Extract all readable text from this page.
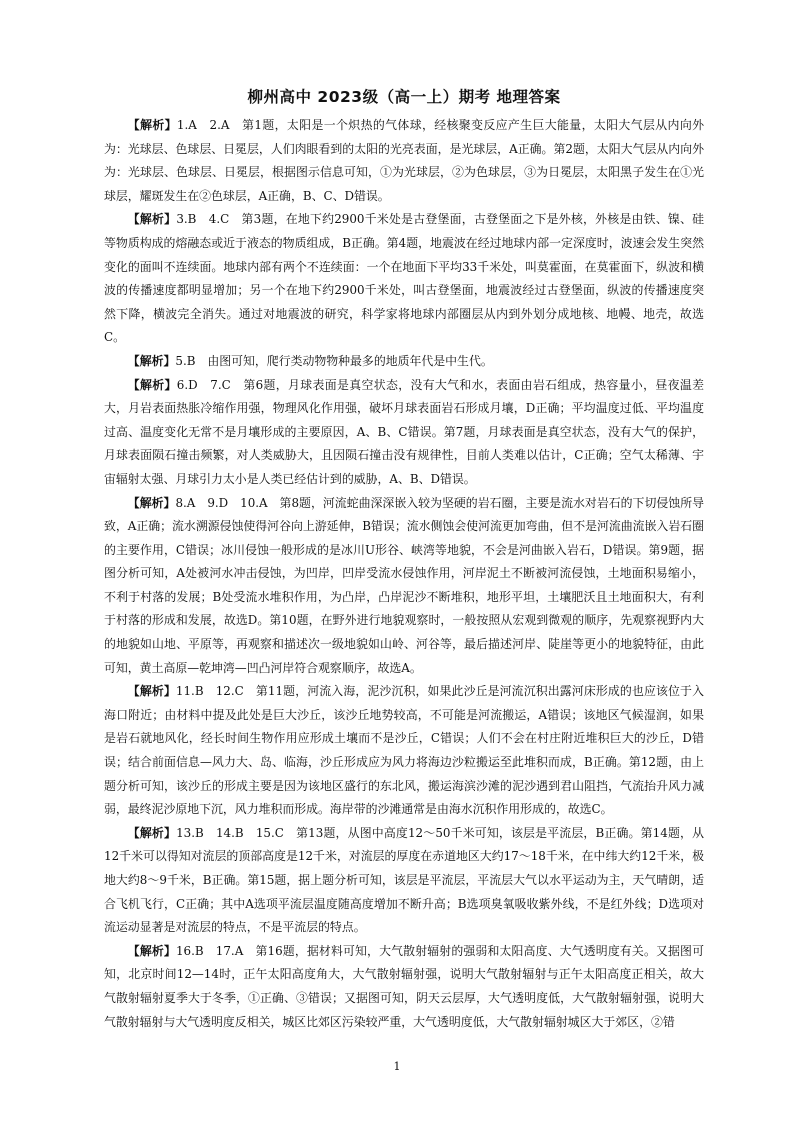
柳州高中 2023级（高一上）期考 地理答案

【解析】1.A　2.A　第1题，太阳是一个炽热的气体球，经核聚变反应产生巨大能量，太阳大气层从内向外为：光球层、色球层、日冕层，人们肉眼看到的太阳的光亮表面，是光球层，A正确。第2题，太阳大气层从内向外为：光球层、色球层、日冕层，根据图示信息可知，①为光球层，②为色球层，③为日冕层，太阳黑子发生在①光球层，耀斑发生在②色球层，A正确，B、C、D错误。

【解析】3.B　4.C　第3题，在地下约2900千米处是古登堡面，古登堡面之下是外核，外核是由铁、镍、硅等物质构成的熔融态或近于液态的物质组成，B正确。第4题，地震波在经过地球内部一定深度时，波速会发生突然变化的面叫不连续面。地球内部有两个不连续面：一个在地面下平均33千米处，叫莫霍面，在莫霍面下，纵波和横波的传播速度都明显增加；另一个在地下约2900千米处，叫古登堡面，地震波经过古登堡面，纵波的传播速度突然下降，横波完全消失。通过对地震波的研究，科学家将地球内部圈层从内到外划分成地核、地幔、地壳，故选C。

【解析】5.B　由图可知，爬行类动物物种最多的地质年代是中生代。

【解析】6.D　7.C　第6题，月球表面是真空状态，没有大气和水，表面由岩石组成，热容量小，昼夜温差大，月岩表面热胀冷缩作用强，物理风化作用强，破坏月球表面岩石形成月壤，D正确；平均温度过低、平均温度过高、温度变化无常不是月壤形成的主要原因，A、B、C错误。第7题，月球表面是真空状态，没有大气的保护，月球表面陨石撞击频繁，对人类威胁大，且因陨石撞击没有规律性，目前人类难以估计，C正确；空气太稀薄、宇宙辐射太强、月球引力太小是人类已经估计到的威胁，A、B、D错误。

【解析】8.A　9.D　10.A　第8题，河流蛇曲深深嵌入较为坚硬的岩石圈，主要是流水对岩石的下切侵蚀所导致，A正确；流水溯源侵蚀使得河谷向上游延伸，B错误；流水侧蚀会使河流更加弯曲，但不是河流曲流嵌入岩石圈的主要作用，C错误；冰川侵蚀一般形成的是冰川U形谷、峡湾等地貌，不会是河曲嵌入岩石，D错误。第9题，据图分析可知，A处被河水冲击侵蚀，为凹岸，凹岸受流水侵蚀作用，河岸泥土不断被河流侵蚀，土地面积易缩小，不利于村落的发展；B处受流水堆积作用，为凸岸，凸岸泥沙不断堆积，地形平坦，土壤肥沃且土地面积大，有利于村落的形成和发展，故选D。第10题，在野外进行地貌观察时，一般按照从宏观到微观的顺序，先观察视野内大的地貌如山地、平原等，再观察和描述次一级地貌如山岭、河谷等，最后描述河岸、陡崖等更小的地貌特征，由此可知，黄土高原—乾坤湾—凹凸河岸符合观察顺序，故选A。

【解析】11.B　12.C　第11题，河流入海，泥沙沉积，如果此沙丘是河流沉积出露河床形成的也应该位于入海口附近；由材料中提及此处是巨大沙丘，该沙丘地势较高，不可能是河流搬运，A错误；该地区气候湿润，如果是岩石就地风化，经长时间生物作用应形成土壤而不是沙丘，C错误；人们不会在村庄附近堆积巨大的沙丘，D错误；结合前面信息—风力大、岛、临海，沙丘形成应为风力将海边沙粒搬运至此堆积而成，B正确。第12题，由上题分析可知，该沙丘的形成主要是因为该地区盛行的东北风，搬运海滨沙滩的泥沙遇到君山阻挡，气流抬升风力减弱，最终泥沙原地下沉，风力堆积而形成。海岸带的沙滩通常是由海水沉积作用形成的，故选C。

【解析】13.B　14.B　15.C　第13题，从图中高度12～50千米可知，该层是平流层，B正确。第14题，从12千米可以得知对流层的顶部高度是12千米，对流层的厚度在赤道地区大约17～18千米，在中纬大约12千米，极地大约8～9千米，B正确。第15题，据上题分析可知，该层是平流层，平流层大气以水平运动为主，天气晴朗，适合飞机飞行，C正确；其中A选项平流层温度随高度增加不断升高；B选项臭氧吸收紫外线，不是红外线；D选项对流运动显著是对流层的特点，不是平流层的特点。

【解析】16.B　17.A　第16题，据材料可知，大气散射辐射的强弱和太阳高度、大气透明度有关。又据图可知，北京时间12—14时，正午太阳高度角大，大气散射辐射强，说明大气散射辐射与正午太阳高度正相关，故大气散射辐射夏季大于冬季，①正确、③错误；又据图可知，阴天云层厚，大气透明度低，大气散射辐射强，说明大气散射辐射与大气透明度反相关，城区比郊区污染较严重，大气透明度低，大气散射辐射城区大于郊区，②错

1
